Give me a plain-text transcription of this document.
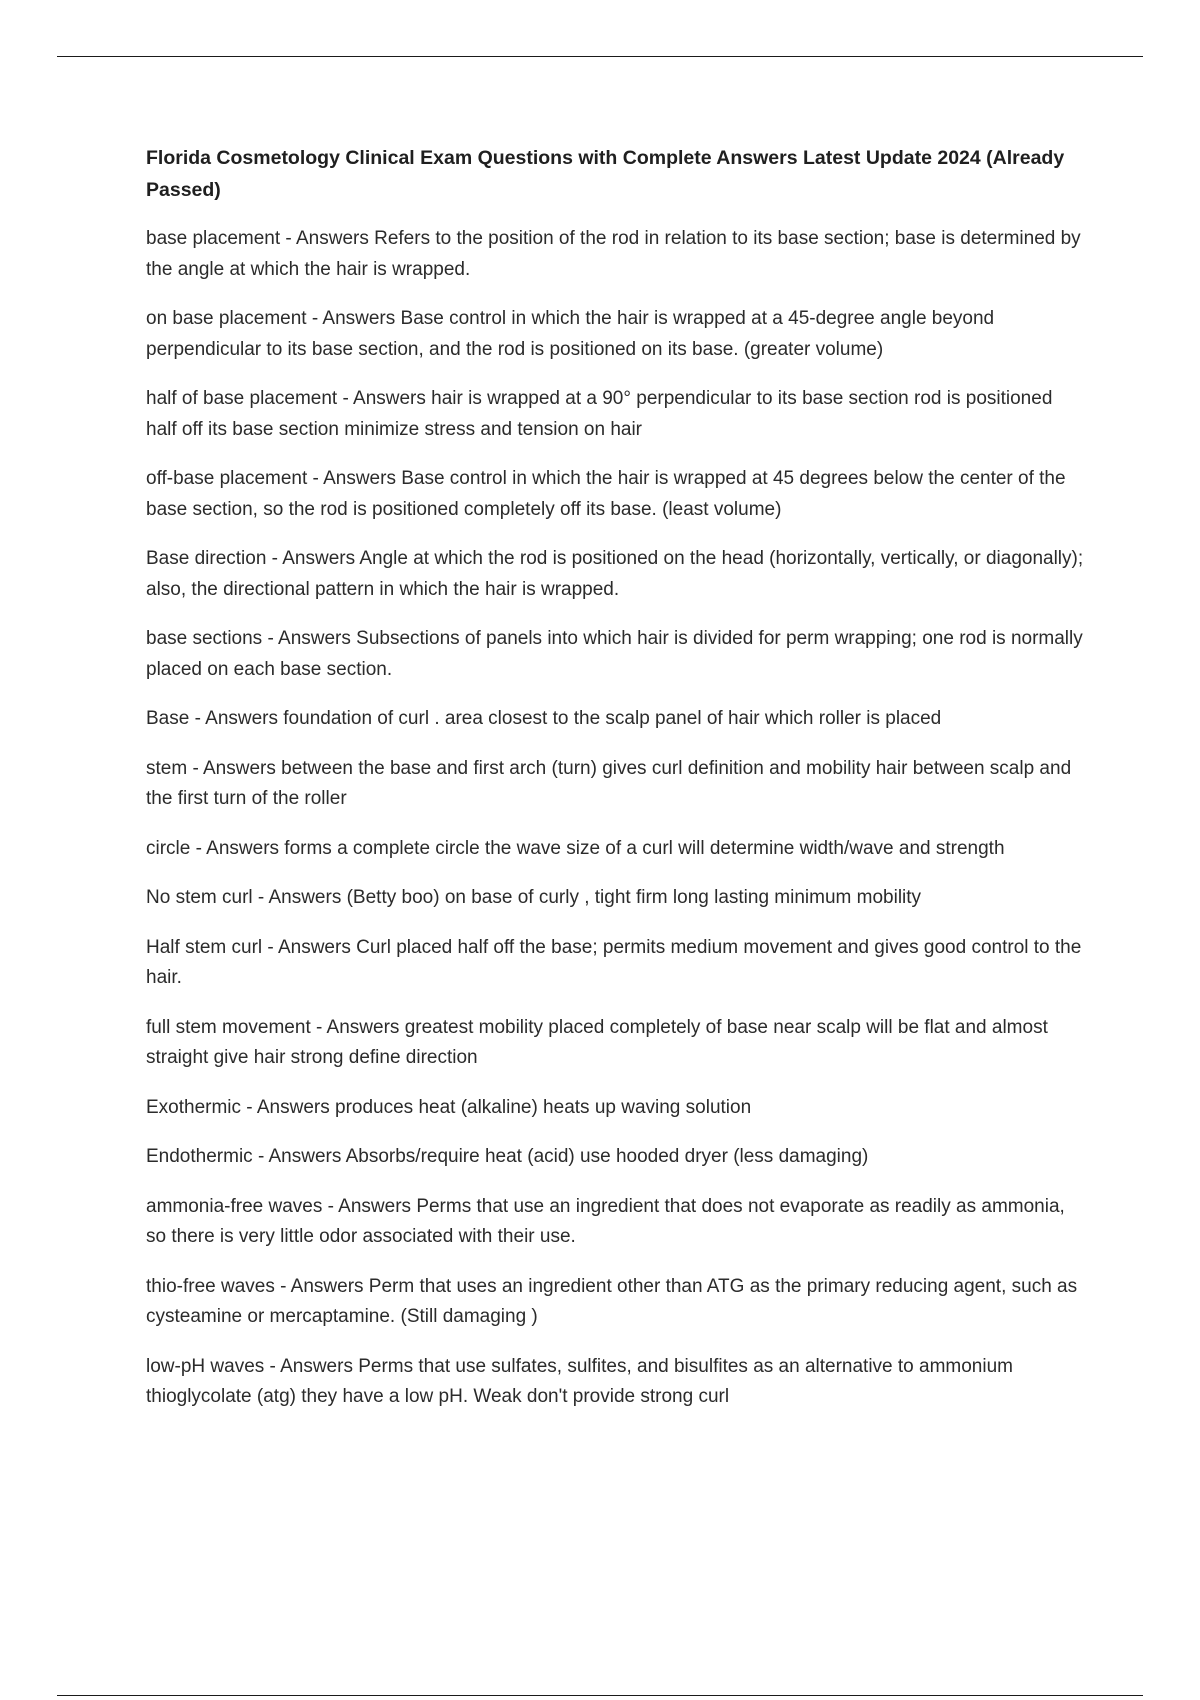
Florida Cosmetology Clinical Exam Questions with Complete Answers Latest Update 2024 (Already Passed)
base placement - Answers Refers to the position of the rod in relation to its base section; base is determined by the angle at which the hair is wrapped.
on base placement - Answers Base control in which the hair is wrapped at a 45-degree angle beyond perpendicular to its base section, and the rod is positioned on its base. (greater volume)
half of base placement - Answers hair is wrapped at a 90° perpendicular to its base section rod is positioned half off its base section minimize stress and tension on hair
off-base placement - Answers Base control in which the hair is wrapped at 45 degrees below the center of the base section, so the rod is positioned completely off its base. (least volume)
Base direction - Answers Angle at which the rod is positioned on the head (horizontally, vertically, or diagonally); also, the directional pattern in which the hair is wrapped.
base sections - Answers Subsections of panels into which hair is divided for perm wrapping; one rod is normally placed on each base section.
Base - Answers foundation of curl . area closest to the scalp panel of hair which roller is placed
stem - Answers between the base and first arch (turn) gives curl definition and mobility hair between scalp and the first turn of the roller
circle - Answers forms a complete circle the wave size of a curl will determine width/wave and strength
No stem curl - Answers (Betty boo) on base of curly , tight firm long lasting minimum mobility
Half stem curl - Answers Curl placed half off the base; permits medium movement and gives good control to the hair.
full stem movement - Answers greatest mobility placed completely of base near scalp will be flat and almost straight give hair strong define direction
Exothermic - Answers produces heat (alkaline) heats up waving solution
Endothermic - Answers Absorbs/require heat (acid) use hooded dryer (less damaging)
ammonia-free waves - Answers Perms that use an ingredient that does not evaporate as readily as ammonia, so there is very little odor associated with their use.
thio-free waves - Answers Perm that uses an ingredient other than ATG as the primary reducing agent, such as cysteamine or mercaptamine. (Still damaging )
low-pH waves - Answers Perms that use sulfates, sulfites, and bisulfites as an alternative to ammonium thioglycolate (atg) they have a low pH. Weak don't provide strong curl
